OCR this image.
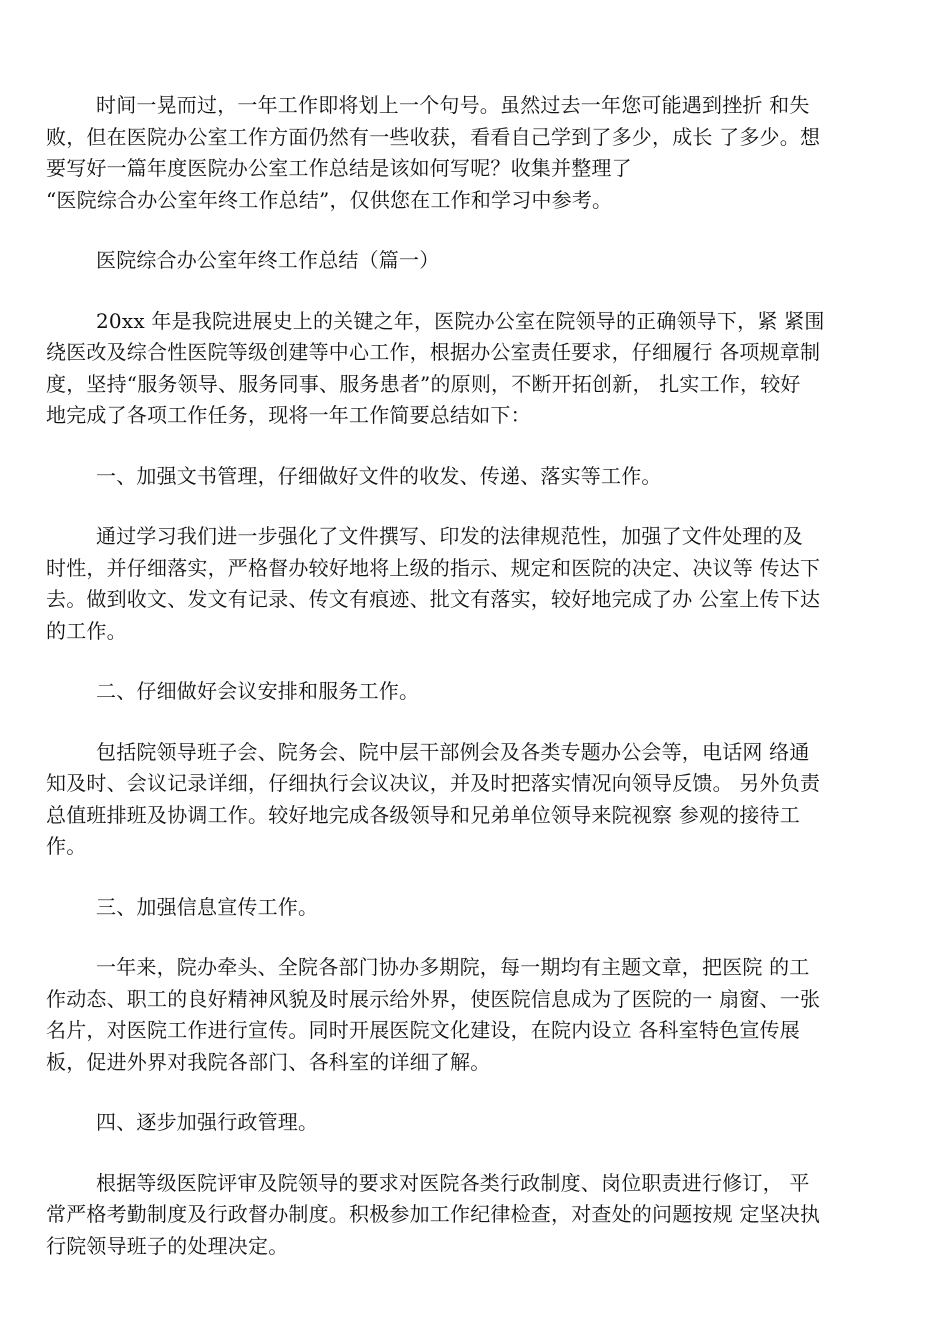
时间一晃而过，一年工作即将划上一个句号。虽然过去一年您可能遇到挫折 和失
败，但在医院办公室工作方面仍然有一些收获，看看自己学到了多少，成长 了多少。想
要写好一篇年度医院办公室工作总结是该如何写呢？收集并整理了
“医院综合办公室年终工作总结”，仅供您在工作和学习中参考。
医院综合办公室年终工作总结（篇一）
20xx 年是我院进展史上的关键之年，医院办公室在院领导的正确领导下，紧 紧围
绕医改及综合性医院等级创建等中心工作，根据办公室责任要求，仔细履行 各项规章制
度，坚持“服务领导、服务同事、服务患者”的原则，不断开拓创新， 扎实工作，较好
地完成了各项工作任务，现将一年工作简要总结如下：
一、加强文书管理，仔细做好文件的收发、传递、落实等工作。
通过学习我们进一步强化了文件撰写、印发的法律规范性，加强了文件处理的及
时性，并仔细落实，严格督办较好地将上级的指示、规定和医院的决定、决议等 传达下
去。做到收文、发文有记录、传文有痕迹、批文有落实，较好地完成了办 公室上传下达
的工作。
二、仔细做好会议安排和服务工作。
包括院领导班子会、院务会、院中层干部例会及各类专题办公会等，电话网 络通
知及时、会议记录详细，仔细执行会议决议，并及时把落实情况向领导反馈。 另外负责
总值班排班及协调工作。较好地完成各级领导和兄弟单位领导来院视察 参观的接待工
作。
三、加强信息宣传工作。
一年来，院办牵头、全院各部门协办多期院，每一期均有主题文章，把医院 的工
作动态、职工的良好精神风貌及时展示给外界，使医院信息成为了医院的一 扇窗、一张
名片，对医院工作进行宣传。同时开展医院文化建设，在院内设立 各科室特色宣传展
板，促进外界对我院各部门、各科室的详细了解。
四、逐步加强行政管理。
根据等级医院评审及院领导的要求对医院各类行政制度、岗位职责进行修订， 平
常严格考勤制度及行政督办制度。积极参加工作纪律检查，对查处的问题按规 定坚决执
行院领导班子的处理决定。
